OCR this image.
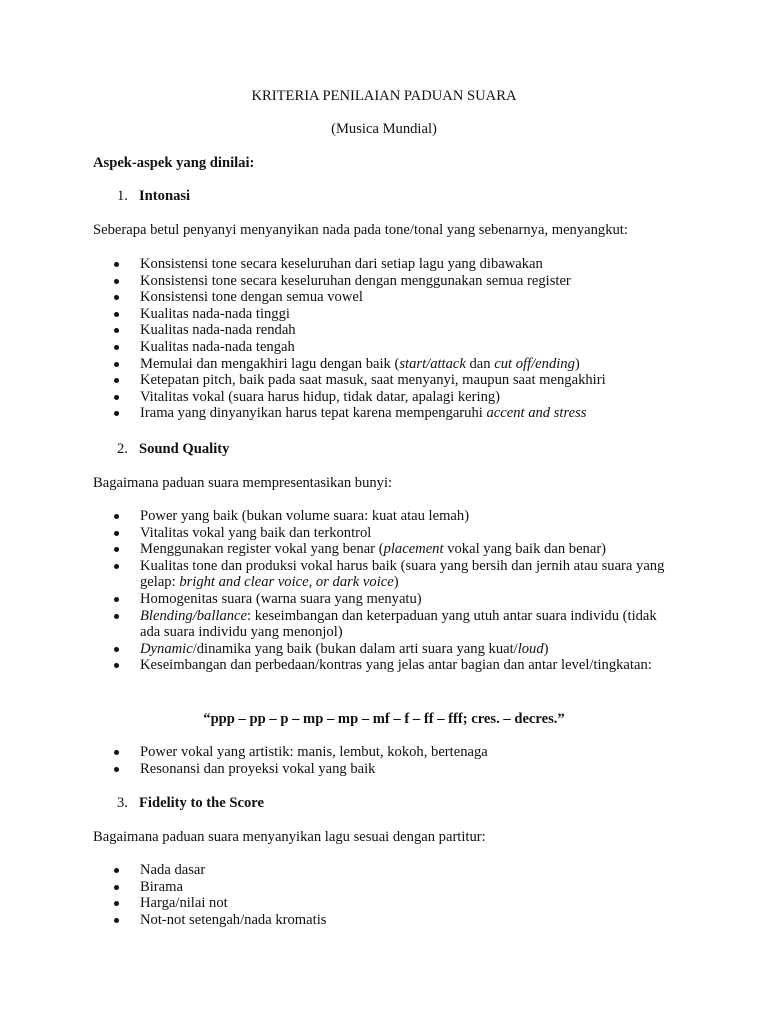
KRITERIA PENILAIAN PADUAN SUARA
(Musica Mundial)
Aspek-aspek yang dinilai:
1. Intonasi
Seberapa betul penyanyi menyanyikan nada pada tone/tonal yang sebenarnya, menyangkut:
Konsistensi tone secara keseluruhan dari setiap lagu yang dibawakan
Konsistensi tone secara keseluruhan dengan menggunakan semua register
Konsistensi tone dengan semua vowel
Kualitas nada-nada tinggi
Kualitas nada-nada rendah
Kualitas nada-nada tengah
Memulai dan mengakhiri lagu dengan baik (start/attack dan cut off/ending)
Ketepatan pitch, baik pada saat masuk, saat menyanyi, maupun saat mengakhiri
Vitalitas vokal (suara harus hidup, tidak datar, apalagi kering)
Irama yang dinyanyikan harus tepat karena mempengaruhi accent and stress
2. Sound Quality
Bagaimana paduan suara mempresentasikan bunyi:
Power yang baik (bukan volume suara: kuat atau lemah)
Vitalitas vokal yang baik dan terkontrol
Menggunakan register vokal yang benar (placement vokal yang baik dan benar)
Kualitas tone dan produksi vokal harus baik (suara yang bersih dan jernih atau suara yang gelap: bright and clear voice, or dark voice)
Homogenitas suara (warna suara yang menyatu)
Blending/ballance: keseimbangan dan keterpaduan yang utuh antar suara individu (tidak ada suara individu yang menonjol)
Dynamic/dinamika yang baik (bukan dalam arti suara yang kuat/loud)
Keseimbangan dan perbedaan/kontras yang jelas antar bagian dan antar level/tingkatan:
“ppp – pp – p – mp – mp – mf – f – ff – fff; cres. – decres.”
Power vokal yang artistik: manis, lembut, kokoh, bertenaga
Resonansi dan proyeksi vokal yang baik
3. Fidelity to the Score
Bagaimana paduan suara menyanyikan lagu sesuai dengan partitur:
Nada dasar
Birama
Harga/nilai not
Not-not setengah/nada kromatis
